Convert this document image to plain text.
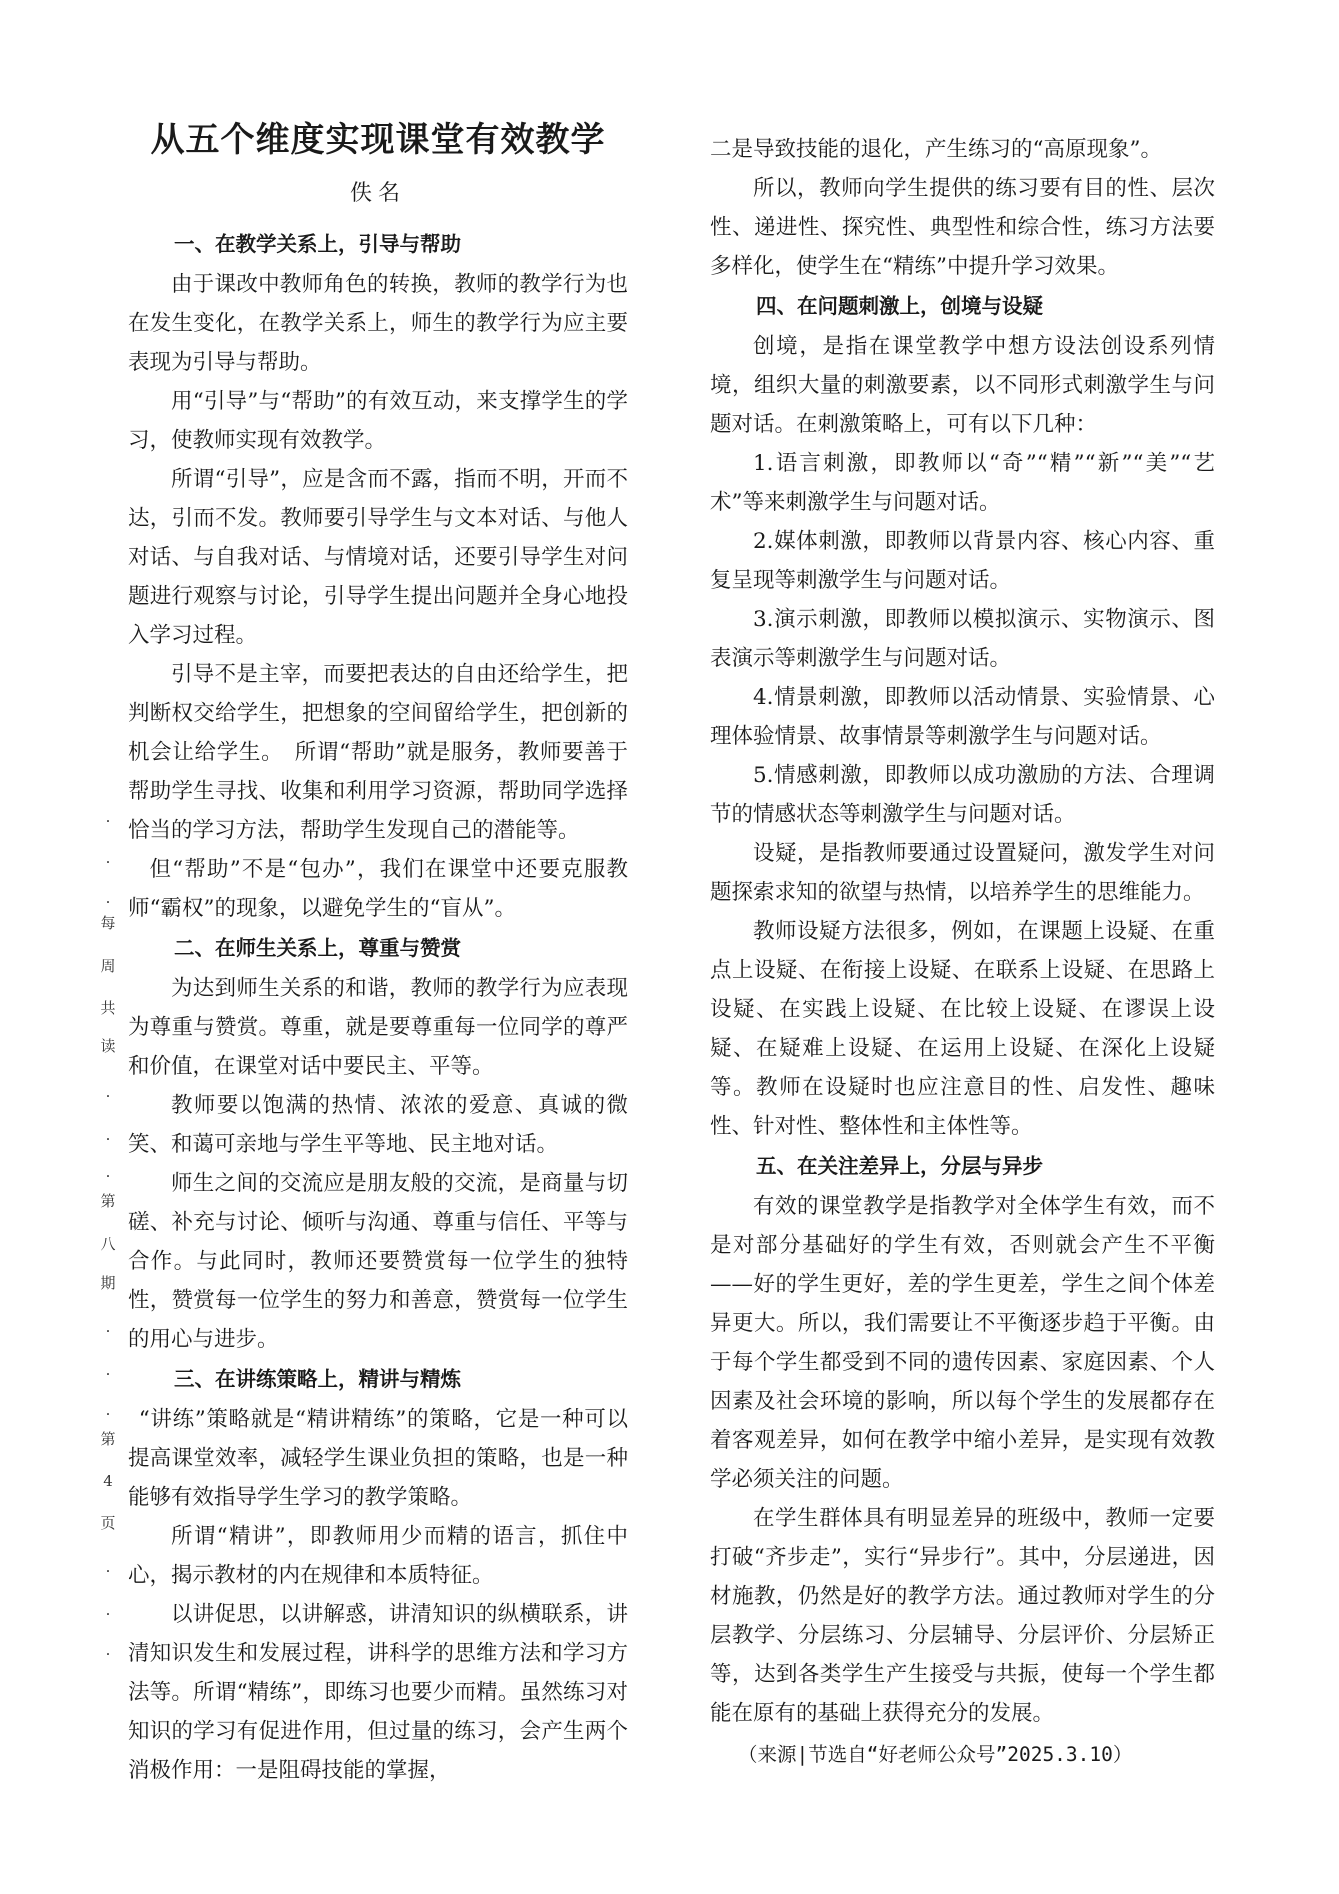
从五个维度实现课堂有效教学
佚名
一、在教学关系上，引导与帮助

由于课改中教师角色的转换，教师的教学行为也在发生变化，在教学关系上，师生的教学行为应主要表现为引导与帮助。

用“引导”与“帮助”的有效互动，来支撑学生的学习，使教师实现有效教学。

所谓“引导”，应是含而不露，指而不明，开而不达，引而不发。教师要引导学生与文本对话、与他人对话、与自我对话、与情境对话，还要引导学生对问题进行观察与讨论，引导学生提出问题并全身心地投入学习过程。

引导不是主宰，而要把表达的自由还给学生，把判断权交给学生，把想象的空间留给学生，把创新的机会让给学生。　所谓“帮助”就是服务，教师要善于帮助学生寻找、收集和利用学习资源，帮助同学选择恰当的学习方法，帮助学生发现自己的潜能等。

但“帮助”不是“包办”，我们在课堂中还要克服教师“霸权”的现象，以避免学生的“盲从”。

二、在师生关系上，尊重与赞赏

为达到师生关系的和谐，教师的教学行为应表现为尊重与赞赏。尊重，就是要尊重每一位同学的尊严和价值，在课堂对话中要民主、平等。

教师要以饱满的热情、浓浓的爱意、真诚的微笑、和蔼可亲地与学生平等地、民主地对话。

师生之间的交流应是朋友般的交流，是商量与切磋、补充与讨论、倾听与沟通、尊重与信任、平等与合作。与此同时，教师还要赞赏每一位学生的独特性，赞赏每一位学生的努力和善意，赞赏每一位学生的用心与进步。

三、在讲练策略上，精讲与精炼

“讲练”策略就是“精讲精练”的策略，它是一种可以提高课堂效率，减轻学生课业负担的策略，也是一种能够有效指导学生学习的教学策略。

所谓“精讲”，即教师用少而精的语言，抓住中心，揭示教材的内在规律和本质特征。

以讲促思，以讲解惑，讲清知识的纵横联系，讲清知识发生和发展过程，讲科学的思维方法和学习方法等。所谓“精练”，即练习也要少而精。虽然练习对知识的学习有促进作用，但过量的练习，会产生两个消极作用：一是阻碍技能的掌握，

二是导致技能的退化，产生练习的“高原现象”。

所以，教师向学生提供的练习要有目的性、层次性、递进性、探究性、典型性和综合性，练习方法要多样化，使学生在“精练”中提升学习效果。

四、在问题刺激上，创境与设疑

创境，是指在课堂教学中想方设法创设系列情境，组织大量的刺激要素，以不同形式刺激学生与问题对话。在刺激策略上，可有以下几种：

1.语言刺激，即教师以“奇”“精”“新”“美”“艺术”等来刺激学生与问题对话。

2.媒体刺激，即教师以背景内容、核心内容、重复呈现等刺激学生与问题对话。

3.演示刺激，即教师以模拟演示、实物演示、图表演示等刺激学生与问题对话。

4.情景刺激，即教师以活动情景、实验情景、心理体验情景、故事情景等刺激学生与问题对话。

5.情感刺激，即教师以成功激励的方法、合理调节的情感状态等刺激学生与问题对话。

设疑，是指教师要通过设置疑问，激发学生对问题探索求知的欲望与热情，以培养学生的思维能力。

教师设疑方法很多，例如，在课题上设疑、在重点上设疑、在衔接上设疑、在联系上设疑、在思路上设疑、在实践上设疑、在比较上设疑、在谬误上设疑、在疑难上设疑、在运用上设疑、在深化上设疑等。教师在设疑时也应注意目的性、启发性、趣味性、针对性、整体性和主体性等。

五、在关注差异上，分层与异步

有效的课堂教学是指教学对全体学生有效，而不是对部分基础好的学生有效，否则就会产生不平衡——好的学生更好，差的学生更差，学生之间个体差异更大。所以，我们需要让不平衡逐步趋于平衡。由于每个学生都受到不同的遗传因素、家庭因素、个人因素及社会环境的影响，所以每个学生的发展都存在着客观差异，如何在教学中缩小差异，是实现有效教学必须关注的问题。

在学生群体具有明显差异的班级中，教师一定要打破“齐步走”，实行“异步行”。其中，分层递进，因材施教，仍然是好的教学方法。通过教师对学生的分层教学、分层练习、分层辅导、分层评价、分层矫正等，达到各类学生产生接受与共振，使每一个学生都能在原有的基础上获得充分的发展。

（来源|节选自“好老师公众号”2025.3.10）
·
·
·
每
周
共
读
·
·
·
第
八
期
·
·
·
第
4
页
·
·
·
